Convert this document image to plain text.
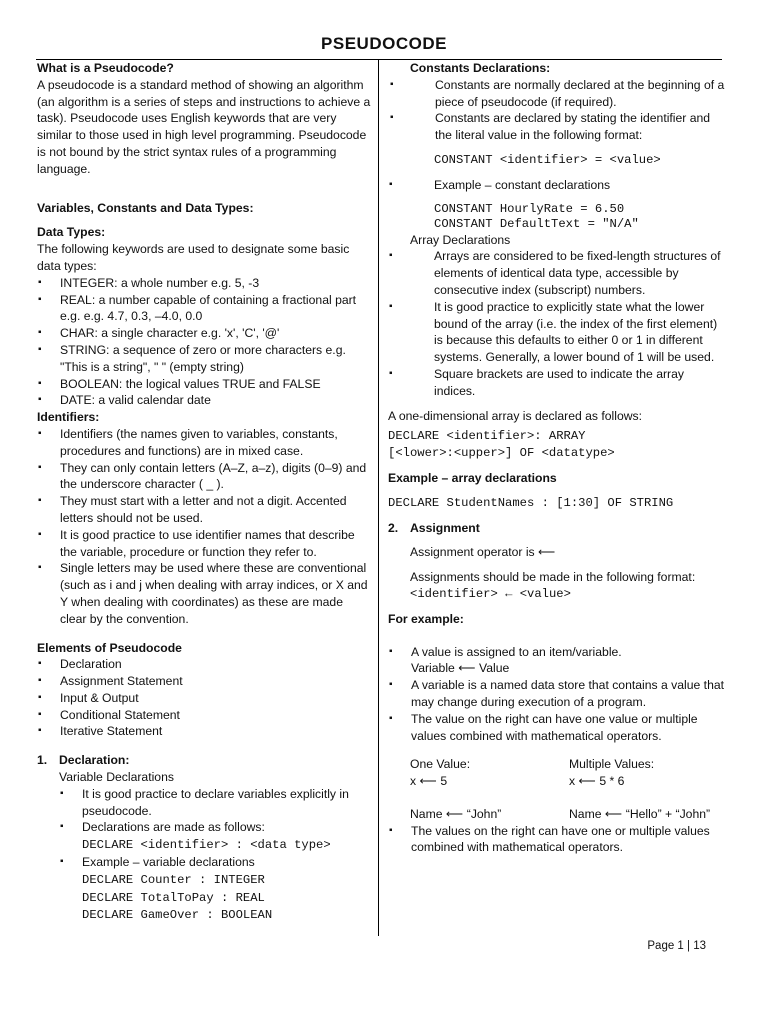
PSEUDOCODE

What is a Pseudocode?

A pseudocode is a standard method of showing an algorithm (an algorithm is a series of steps and instructions to achieve a task). Pseudocode uses English keywords that are very similar to those used in high level programming. Pseudocode is not bound by the strict syntax rules of a programming language.

Variables, Constants and Data Types:

Data Types:

The following keywords are used to designate some basic data types:

▪ INTEGER: a whole number e.g. 5, -3
▪ REAL: a number capable of containing a fractional part e.g. e.g. 4.7, 0.3, –4.0, 0.0
▪ CHAR: a single character e.g. 'x', 'C', '@'
▪ STRING: a sequence of zero or more characters e.g. "This is a string", " " (empty string)
▪ BOOLEAN: the logical values TRUE and FALSE
▪ DATE: a valid calendar date

Identifiers:

▪ Identifiers (the names given to variables, constants, procedures and functions) are in mixed case.
▪ They can only contain letters (A–Z, a–z), digits (0–9) and the underscore character ( _ ).
▪ They must start with a letter and not a digit. Accented letters should not be used.
▪ It is good practice to use identifier names that describe the variable, procedure or function they refer to.
▪ Single letters may be used where these are conventional (such as i and j when dealing with array indices, or X and Y when dealing with coordinates) as these are made clear by the convention.

Elements of Pseudocode

▪ Declaration
▪ Assignment Statement
▪ Input & Output
▪ Conditional Statement
▪ Iterative Statement

1. Declaration:

Variable Declarations

▪ It is good practice to declare variables explicitly in pseudocode.
▪ Declarations are made as follows:
DECLARE <identifier> : <data type>
▪ Example – variable declarations
DECLARE Counter : INTEGER
DECLARE TotalToPay : REAL
DECLARE GameOver : BOOLEAN

Constants Declarations:

▪ Constants are normally declared at the beginning of a piece of pseudocode (if required).
▪ Constants are declared by stating the identifier and the literal value in the following format:

CONSTANT <identifier> = <value>

▪ Example – constant declarations

CONSTANT HourlyRate = 6.50

CONSTANT DefaultText = "N/A"

Array Declarations

▪ Arrays are considered to be fixed-length structures of elements of identical data type, accessible by consecutive index (subscript) numbers.
▪ It is good practice to explicitly state what the lower bound of the array (i.e. the index of the first element) is because this defaults to either 0 or 1 in different systems. Generally, a lower bound of 1 will be used.
▪ Square brackets are used to indicate the array indices.

A one-dimensional array is declared as follows:

DECLARE <identifier>: ARRAY

[<lower>:<upper>] OF <datatype>

Example – array declarations

DECLARE StudentNames : [1:30] OF STRING

2. Assignment

Assignment operator is ⟵

Assignments should be made in the following format:

<identifier> ← <value>

For example:

▪ A value is assigned to an item/variable.
Variable ⟵ Value
▪ A variable is a named data store that contains a value that may change during execution of a program.
▪ The value on the right can have one value or multiple values combined with mathematical operators.
One Value:	Multiple Values:
x ⟵ 5	x ⟵ 5 * 6
Name ⟵ “John”	Name ⟵ “Hello” + “John”
▪ The values on the right can have one or multiple values combined with mathematical operators.
Page 1 | 13
